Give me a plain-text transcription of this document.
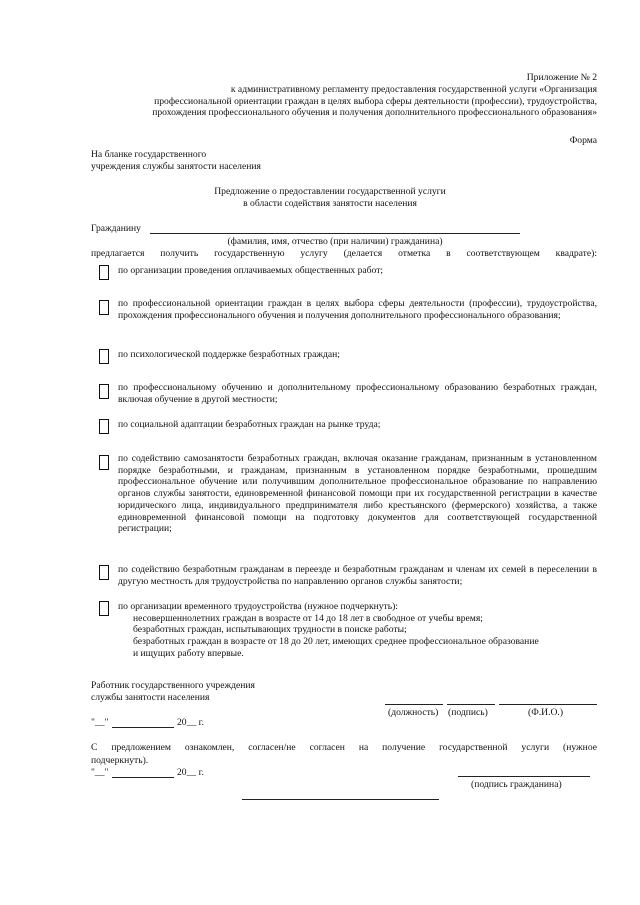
Приложение № 2
к административному регламенту предоставления государственной услуги «Организация
профессиональной ориентации граждан в целях выбора сферы деятельности (профессии), трудоустройства,
прохождения профессионального обучения и получения дополнительного профессионального образования»
Форма
На бланке государственного
учреждения службы занятости населения
Предложение о предоставлении государственной услуги
в области содействия занятости населения
Гражданину
(фамилия, имя, отчество (при наличии) гражданина)
предлагается получить государственную услугу (делается отметка в соответствующем квадрате):
по организации проведения оплачиваемых общественных работ;
по профессиональной ориентации граждан в целях выбора сферы деятельности (профессии), трудоустройства, прохождения профессионального обучения и получения дополнительного профессионального образования;
по психологической поддержке безработных граждан;
по профессиональному обучению и дополнительному профессиональному образованию безработных граждан, включая обучение в другой местности;
по социальной адаптации безработных граждан на рынке труда;
по содействию самозанятости безработных граждан, включая оказание гражданам, признанным в установленном порядке безработными, и гражданам, признанным в установленном порядке безработными, прошедшим профессиональное обучение или получившим дополнительное профессиональное образование по направлению органов службы занятости, единовременной финансовой помощи при их государственной регистрации в качестве юридического лица, индивидуального предпринимателя либо крестьянского (фермерского) хозяйства, а также единовременной финансовой помощи на подготовку документов для соответствующей государственной регистрации;
по содействию безработным гражданам в переезде и безработным гражданам и членам их семей в переселении в другую местность для трудоустройства по направлению органов службы занятости;
по организации временного трудоустройства (нужное подчеркнуть):
несовершеннолетних граждан в возрасте от 14 до 18 лет в свободное от учебы время;
безработных граждан, испытывающих трудности в поиске работы;
безработных граждан в возрасте от 18 до 20 лет, имеющих среднее профессиональное образование
и ищущих работу впервые.
Работник государственного учреждения
службы занятости населения
(должность) (подпись)	(Ф.И.О.)
"__"	20__ г.
С предложением ознакомлен, согласен/не согласен на получение государственной услуги (нужное
подчеркнуть).
"__"	20__ г.
(подпись гражданина)
